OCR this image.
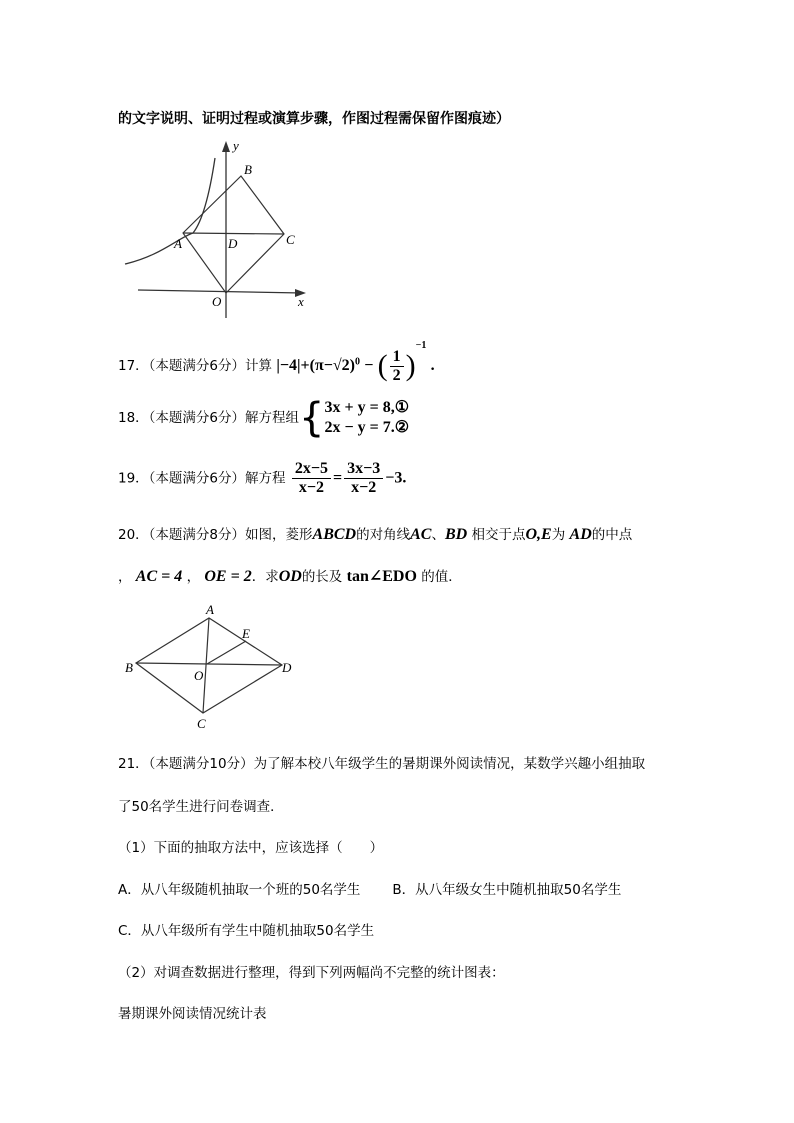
的文字说明、证明过程或演算步骤，作图过程需保留作图痕迹）
y
x
B
A	D	C
O
17．（本题满分6分）计算 $|-4|+(\pi-√2)^0$ − ( $\frac{1}{2} )^{-1}$ .
18．（本题满分6分）解方程组{ 3x + y = 8,①
2x − y = 7.②
19．（本题满分6分）解方程 $\frac{2x-5}{x-2} = \frac{3x-3}{x-2} -3$.
20．（本题满分8分）如图，菱形ABCD的对角线AC、BD 相交于点O,E为 AD的中点
， AC = 4 ， OE = 2．求OD的长及 tan∠EDO 的值．
A
B
C
D
E
O
21．（本题满分10分）为了解本校八年级学生的暑期课外阅读情况，某数学兴趣小组抽取
了50名学生进行问卷调查．
（1）下面的抽取方法中，应该选择（　　）
A．从八年级随机抽取一个班的50名学生 B．从八年级女生中随机抽取50名学生
C．从八年级所有学生中随机抽取50名学生
（2）对调查数据进行整理，得到下列两幅尚不完整的统计图表：
暑期课外阅读情况统计表
